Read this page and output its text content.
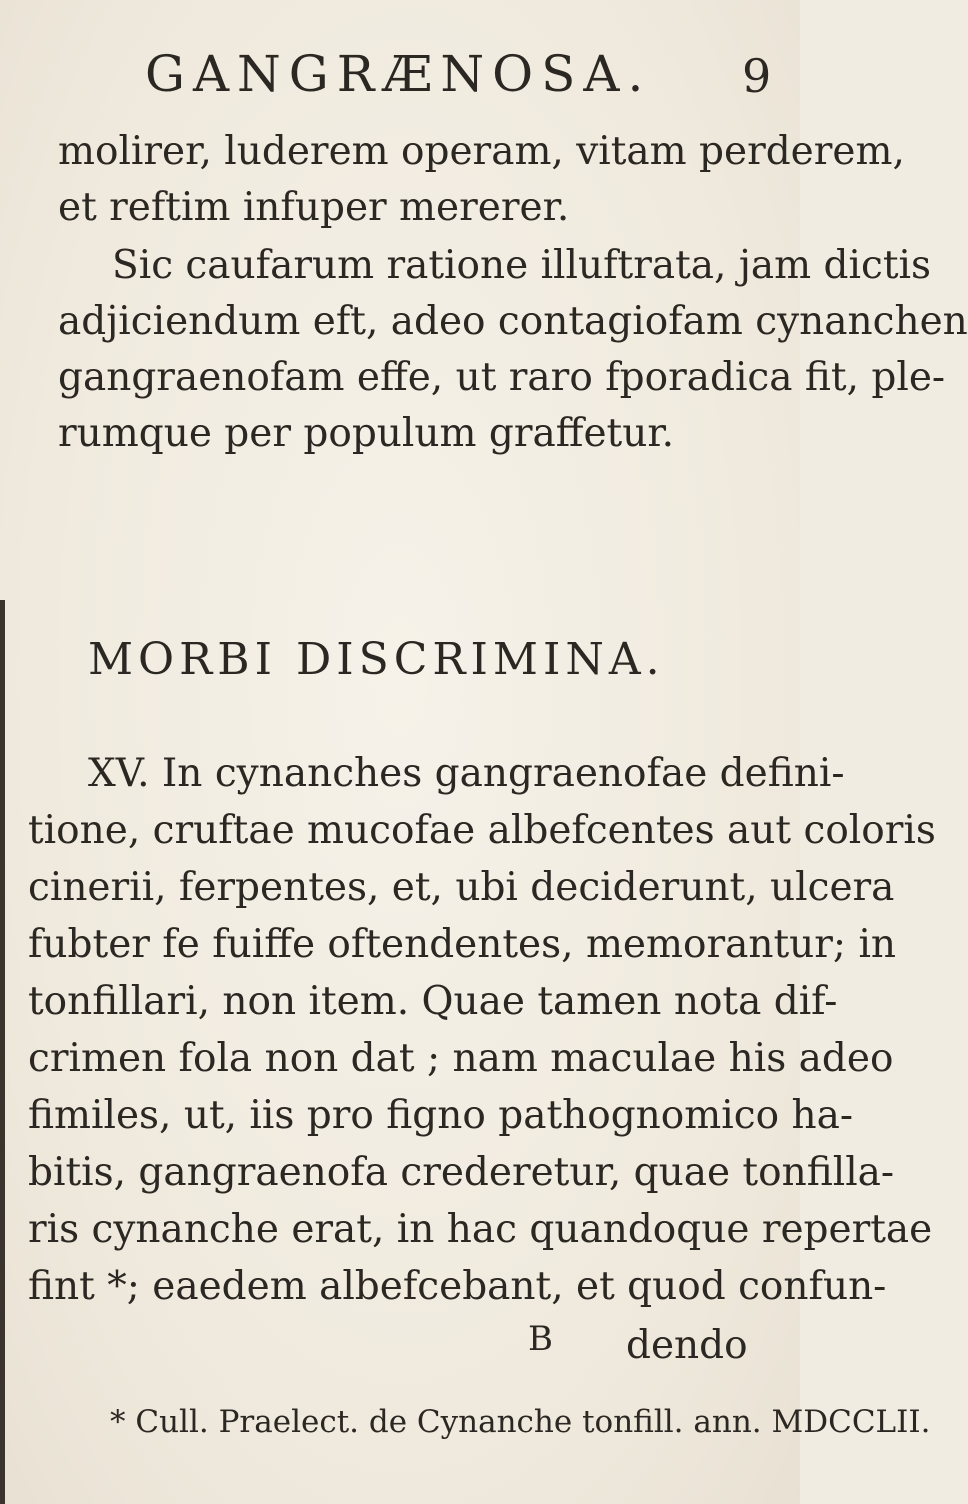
GANGRÆNOSA. 9
molirer, luderem operam, vitam perderem,
et reftim infuper mererer.
Sic caufarum ratione illuftrata, jam dictis
adjiciendum eft, adeo contagiofam cynanchen
gangraenofam effe, ut raro fporadica fit, ple-
rumque per populum graffetur.
MORBI DISCRIMINA.
XV. In cynanches gangraenofae defini-
tione, cruftae mucofae albefcentes aut coloris
cinerii, ferpentes, et, ubi deciderunt, ulcera
fubter fe fuiffe oftendentes, memorantur; in
tonfillari, non item. Quae tamen nota dif-
crimen fola non dat ; nam maculae his adeo
fimiles, ut, iis pro figno pathognomico ha-
bitis, gangraenofa crederetur, quae tonfilla-
ris cynanche erat, in hac quandoque repertae
fint *; eaedem albefcebant, et quod confun-
B dendo
* Cull. Praelect. de Cynanche tonfill. ann. MDCCLII.
